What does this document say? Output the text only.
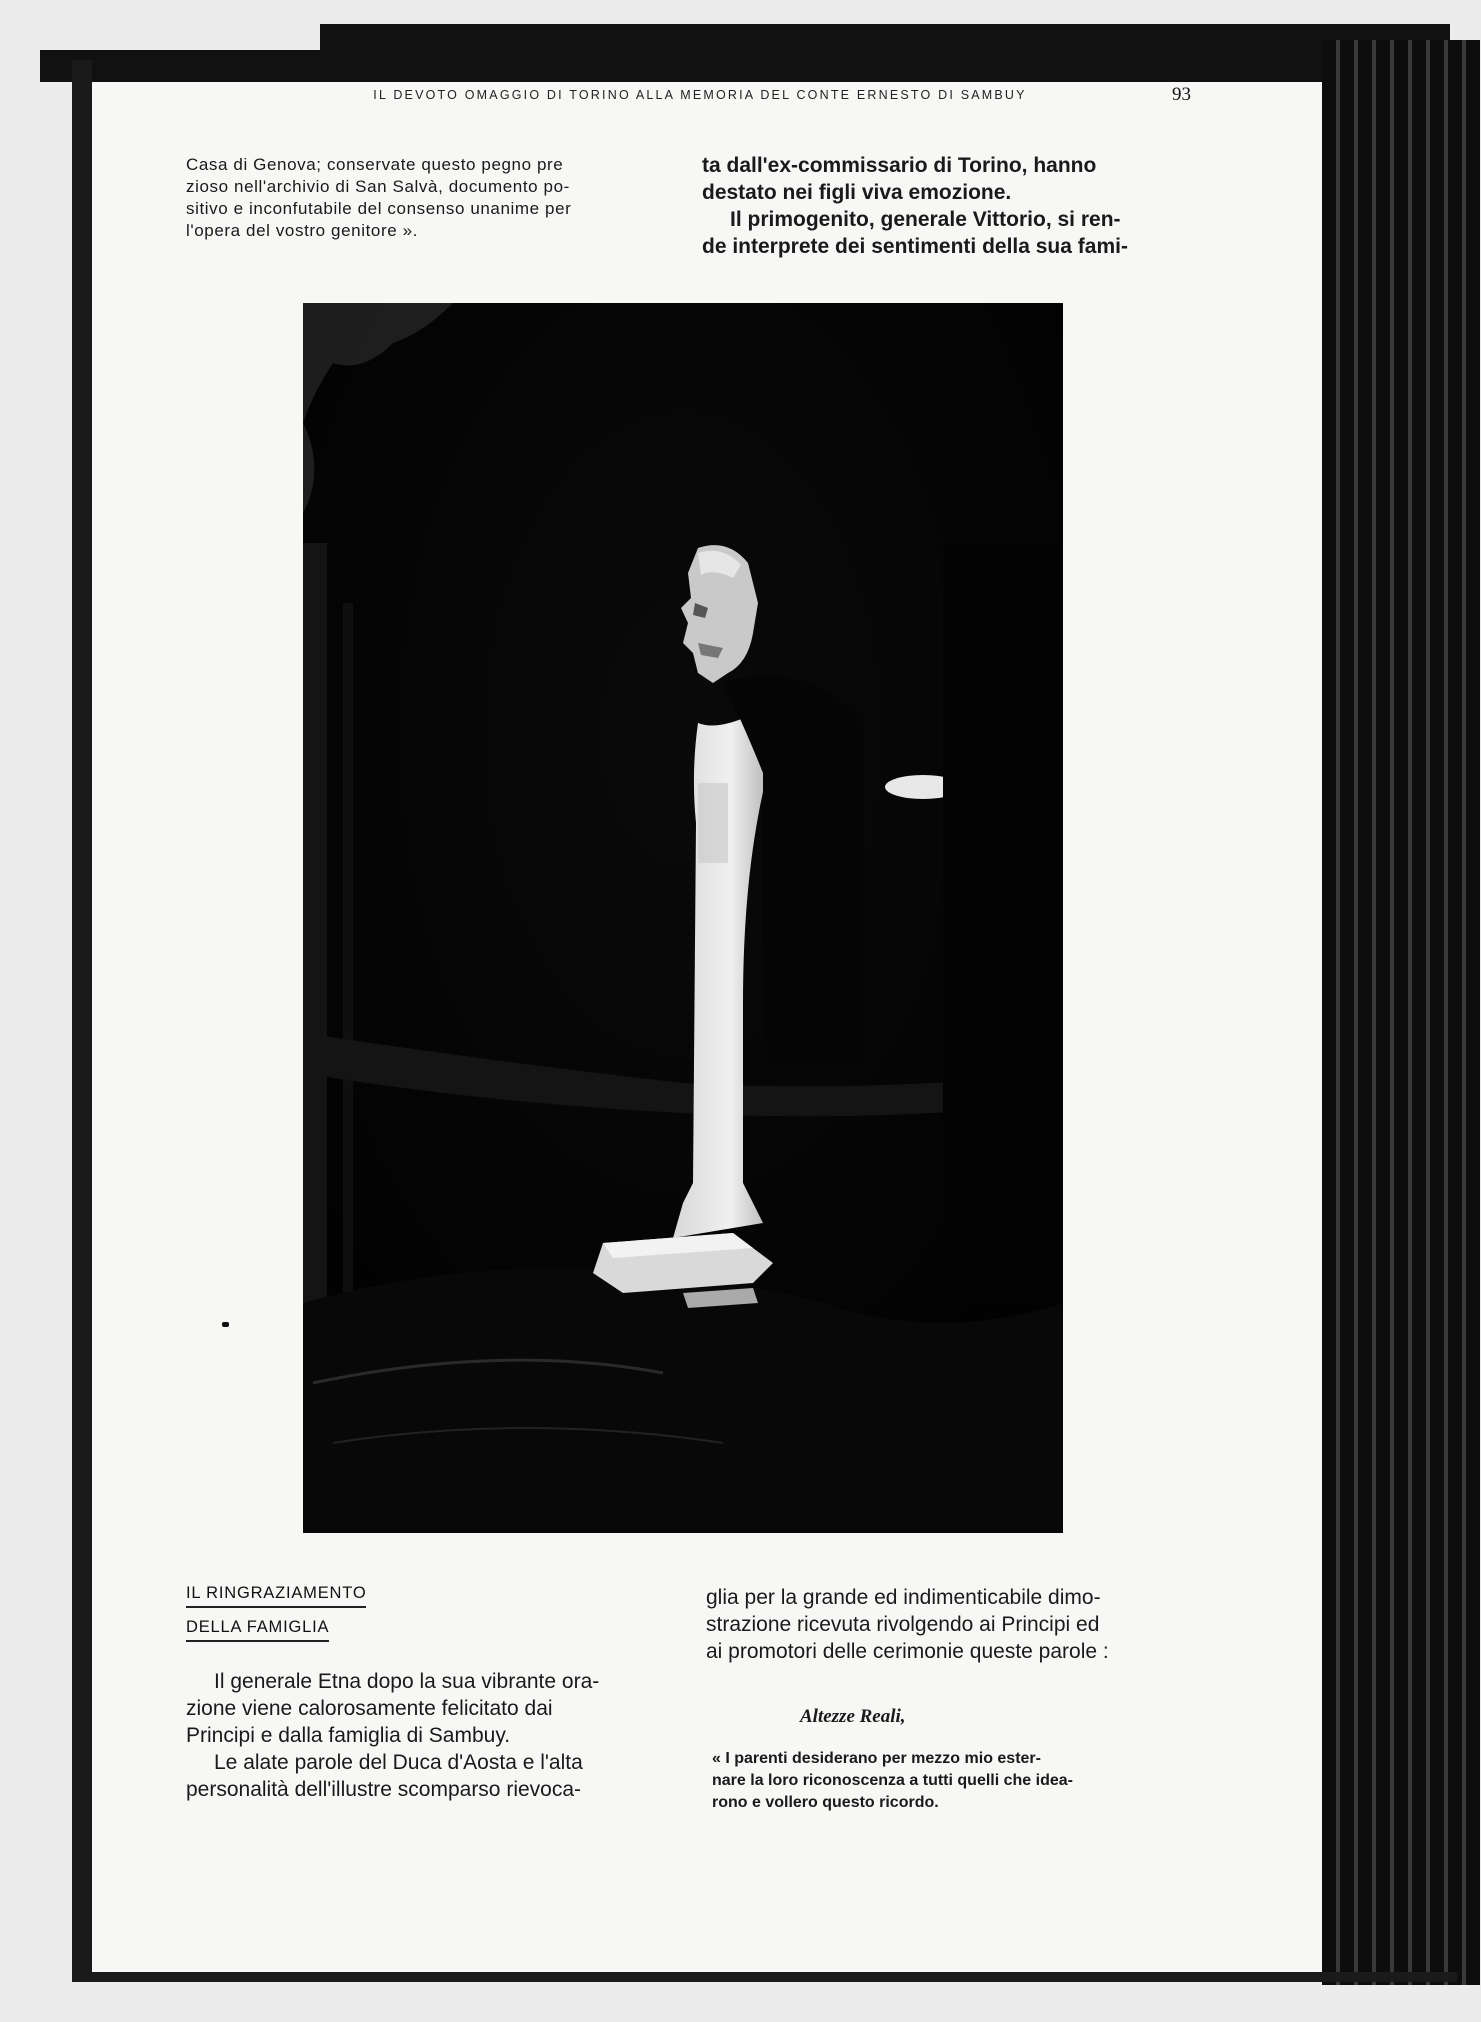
IL DEVOTO OMAGGIO DI TORINO ALLA MEMORIA DEL CONTE ERNESTO DI SAMBUY	93
Casa di Genova; conservate questo pegno pre
zioso nell'archivio di San Salvà, documento po-
sitivo e inconfutabile del consenso unanime per
l'opera del vostro genitore ».
ta dall'ex-commissario di Torino, hanno
destato nei figli viva emozione.
Il primogenito, generale Vittorio, si ren-
de interprete dei sentimenti della sua fami-
IL RINGRAZIAMENTO
DELLA FAMIGLIA
Il generale Etna dopo la sua vibrante ora-
zione viene calorosamente felicitato dai
Principi e dalla famiglia di Sambuy.
Le alate parole del Duca d'Aosta e l'alta
personalità dell'illustre scomparso rievoca-
glia per la grande ed indimenticabile dimo-
strazione ricevuta rivolgendo ai Principi ed
ai promotori delle cerimonie queste parole :
Altezze Reali,
« I parenti desiderano per mezzo mio ester-
nare la loro riconoscenza a tutti quelli che idea-
rono e vollero questo ricordo.
